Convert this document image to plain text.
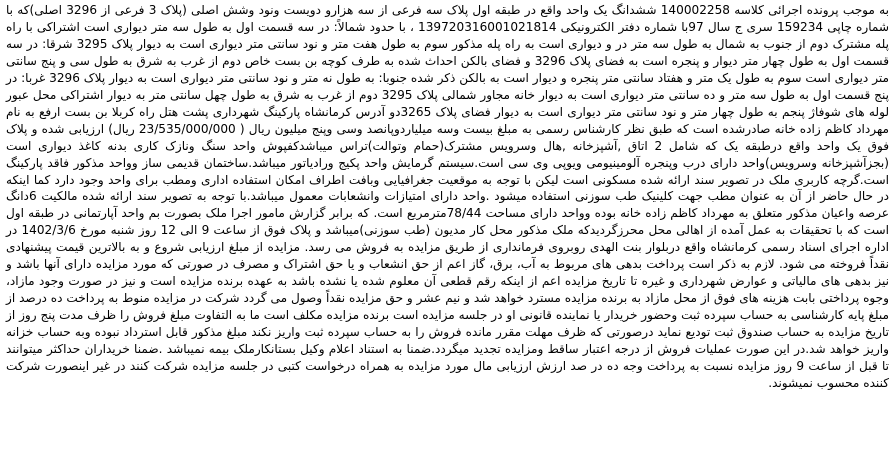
به موجب پرونده اجرائی کلاسه 140002258 ششدانگ یک واحد واقع در طبقه اول پلاک سه فرعی از سه هزارو دویست ونود وشش اصلی (پلاک 3 فرعی از 3296 اصلی)که با شماره چاپی 159234 سری ج سال 97با شماره دفتر الکترونیکی 139720316001021814 ، با حدود شمالاً: در سه قسمت اول به طول سه متر دیواری است اشتراکی با راه پله مشترک دوم از جنوب به شمال به طول سه متر در و دیواری است به راه پله مذکور سوم به طول هفت متر و نود سانتی متر دیواری است به دیوار پلاک 3295 شرقا: در سه قسمت اول به طول چهار متر دیوار و پنجره است به فضای پلاک 3296 و فضای بالکن احداث شده به طرف کوچه بن بست خاص دوم از غرب به شرق به طول سی و پنج سانتی متر دیواری است سوم به طول یک متر و هفتاد سانتی متر پنجره و دیوار است به بالکن ذکر شده جنوبا: به طول نه متر و نود سانتی متر دیواری است به دیوار پلاک 3296 غربا: در پنج قسمت اول به طول سه متر و ده سانتی متر دیواری است به دیوار خانه مجاور شمالی پلاک 3295 دوم از غرب به شرق به طول چهل سانتی متر به دیوار اشتراکی محل عبور لوله های شوفاژ پنجم به طول چهار متر و نود سانتی متر دیواری است به دیوار فضای پلاک 3265دو آدرس کرمانشاه پارکینگ شهرداری پشت هتل راه کربلا بن بست ارفع به نام مهرداد کاظم زاده خانه صادرشده است که طبق نظر کارشناس رسمی به مبلغ بیست وسه میلیاردوپانصد وسی وپنج میلیون ریال ( 23/535/000/000 ریال) ارزیابی شده و پلاک فوق یک واحد واقع درطبقه یک که شامل 2 اتاق ,آشپزخانه ,هال وسرویس مشترک(حمام وتوالت)تراس میباشدکفپوش واحد سنگ ونازک کاری بدنه کاغذ دیواری است (بجزآشپزخانه وسرویس)واحد دارای درب وپنجره آلومینیومی ویوپی وی سی است.سیستم گرمایش واحد پکیج ورادیاتور میباشد.ساختمان قدیمی ساز وواحد مذکور فاقد پارکینگ است.گرچه کاربری ملک در تصویر سند ارائه شده مسکونی است لیکن با توجه به موقعیت جغرافیایی وبافت اطراف امکان استفاده اداری ومطب برای واحد وجود دارد کما اینکه در حال حاضر از آن به عنوان مطب جهت کلینیک طب سوزنی استفاده میشود .واحد دارای امتیازات وانشعابات معمول میباشد.با توجه به تصویر سند ارائه شده مالکیت 6دانگ عرصه واعیان مذکور متعلق به مهرداد کاظم زاده خانه بوده وواحد دارای مساحت 78/44مترمربع است. که برابر گزارش مامور اجرا ملک بصورت بم واحد آپارتمانی در طبقه اول است که با تحقیقات به عمل آمده از اهالی محل محرزگردیدکه ملک مذکور محل کار مدیون (طب سوزنی)میباشد و پلاک فوق از ساعت 9 الی 12 روز شنبه مورخ 1402/3/6 در اداره اجرای اسناد رسمی کرمانشاه واقع دربلوار بنت الهدی روبروی فرمانداری از طریق مزایده به فروش می رسد. مزایده از مبلغ ارزیابی شروع و به بالاترین قیمت پیشنهادی نقداً فروخته می شود. لازم به ذکر است پرداخت بدهی های مربوط به آب، برق، گاز اعم از حق انشعاب و یا حق اشتراک و مصرف در صورتی که مورد مزایده دارای آنها باشد و نیز بدهی های مالیاتی و عوارض شهرداری و غیره تا تاریخ مزایده اعم از اینکه رقم قطعی آن معلوم شده یا نشده باشد به عهده برنده مزایده است و نیز در صورت وجود مازاد، وجوه پرداختی بابت هزینه های فوق از محل مازاد به برنده مزایده مسترد خواهد شد و نیم عشر و حق مزایده نقداً وصول می گردد شرکت در مزایده منوط به پرداخت ده درصد از مبلغ پایه کارشناسی به حساب سپرده ثبت وحضور خریدار یا نماینده قانونی او در جلسه مزایده است برنده مزایده مکلف است ما به التفاوت مبلغ فروش را ظرف مدت پنج روز از تاریخ مزایده به حساب صندوق ثبت تودیع نماید درصورتی که ظرف مهلت مقرر مانده فروش را به حساب سپرده ثبت واریز نکند مبلغ مذکور قابل استرداد نبوده وبه حساب خزانه واریز خواهد شد.در این صورت عملیات فروش از درجه اعتبار ساقط ومزایده تجدید میگردد.ضمنا به استناد اعلام وکیل بستانکارملک بیمه نمیباشد .ضمنا خریداران حداکثر میتوانند تا قبل از ساعت 9 روز مزایده نسبت به پرداخت وجه ده در صد ارزش ارزیابی مال مورد مزایده به همراه درخواست کتبی در جلسه مزایده شرکت کنند در غیر اینصورت شرکت کننده محسوب نمیشوند.
